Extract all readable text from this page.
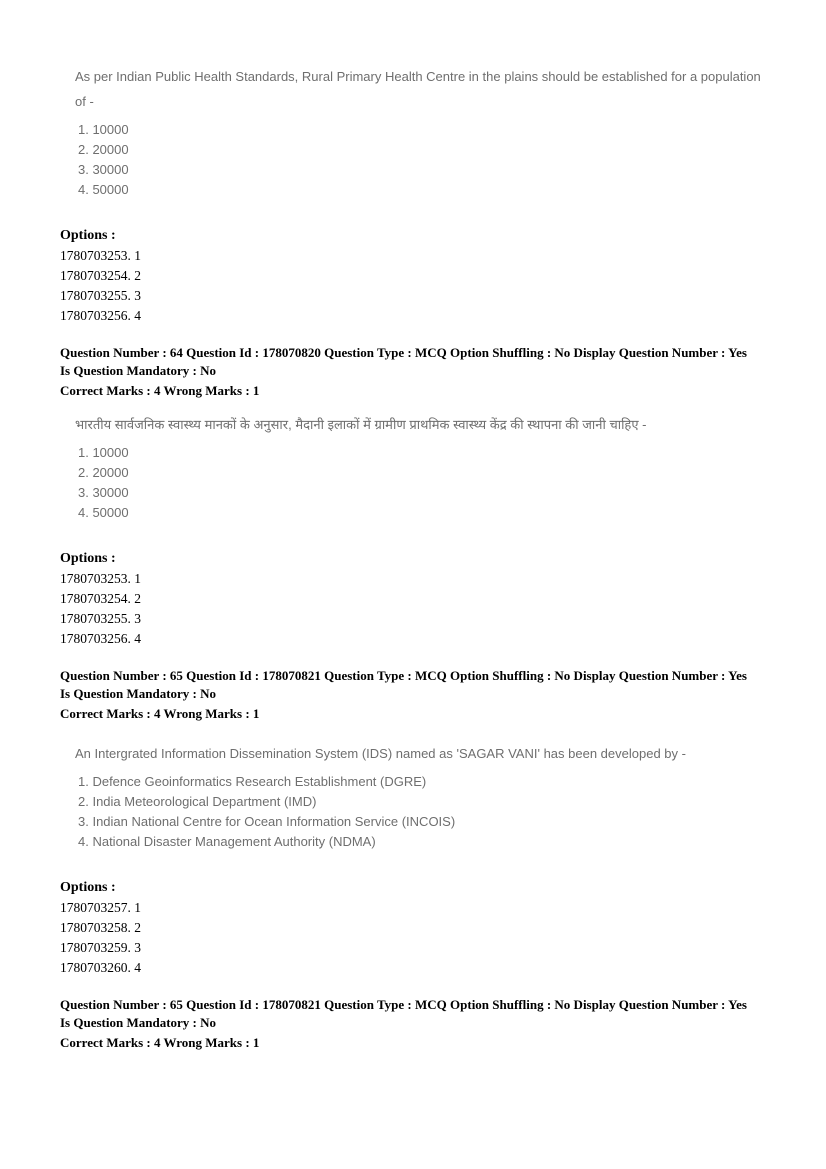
As per Indian Public Health Standards, Rural Primary Health Centre in the plains should be established for a population of -

1. 10000
2. 20000
3. 30000
4. 50000

Options :

1780703253. 1

1780703254. 2

1780703255. 3

1780703256. 4

Question Number : 64 Question Id : 178070820 Question Type : MCQ Option Shuffling : No Display Question Number : Yes

Is Question Mandatory : No

Correct Marks : 4 Wrong Marks : 1

भारतीय सार्वजनिक स्वास्थ्य मानकों के अनुसार, मैदानी इलाकों में ग्रामीण प्राथमिक स्वास्थ्य केंद्र की स्थापना की जानी चाहिए -

1. 10000
2. 20000
3. 30000
4. 50000

Options :

1780703253. 1

1780703254. 2

1780703255. 3

1780703256. 4

Question Number : 65 Question Id : 178070821 Question Type : MCQ Option Shuffling : No Display Question Number : Yes

Is Question Mandatory : No

Correct Marks : 4 Wrong Marks : 1

An Intergrated Information Dissemination System (IDS) named as 'SAGAR VANI' has been developed by -

1. Defence Geoinformatics Research Establishment (DGRE)
2. India Meteorological Department (IMD)
3. Indian National Centre for Ocean Information Service (INCOIS)
4. National Disaster Management Authority (NDMA)

Options :

1780703257. 1

1780703258. 2

1780703259. 3

1780703260. 4

Question Number : 65 Question Id : 178070821 Question Type : MCQ Option Shuffling : No Display Question Number : Yes

Is Question Mandatory : No

Correct Marks : 4 Wrong Marks : 1
